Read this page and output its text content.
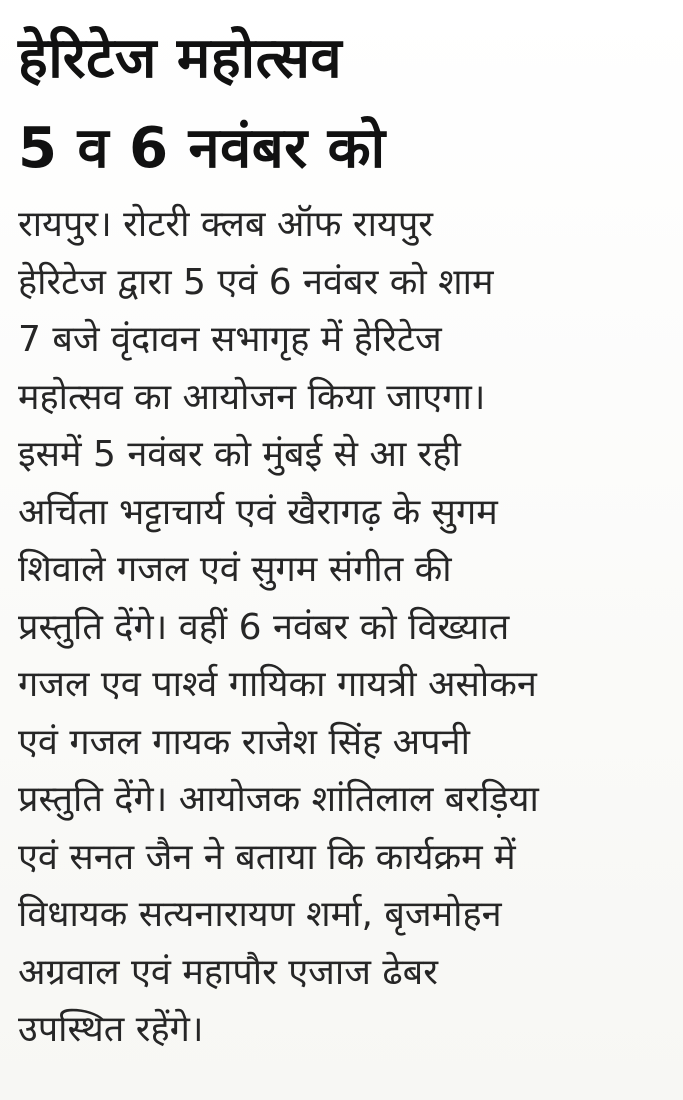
हेरिटेज महोत्सव
5 व 6 नवंबर को

रायपुर। रोटरी क्लब ऑफ रायपुर
हेरिटेज द्वारा 5 एवं 6 नवंबर को शाम
7 बजे वृंदावन सभागृह में हेरिटेज
महोत्सव का आयोजन किया जाएगा।
इसमें 5 नवंबर को मुंबई से आ रही
अर्चिता भट्टाचार्य एवं खैरागढ़ के सुगम
शिवाले गजल एवं सुगम संगीत की
प्रस्तुति देंगे। वहीं 6 नवंबर को विख्यात
गजल एव पार्श्व गायिका गायत्री असोकन
एवं गजल गायक राजेश सिंह अपनी
प्रस्तुति देंगे। आयोजक शांतिलाल बरड़िया
एवं सनत जैन ने बताया कि कार्यक्रम में
विधायक सत्यनारायण शर्मा, बृजमोहन
अग्रवाल एवं महापौर एजाज ढेबर
उपस्थित रहेंगे।
